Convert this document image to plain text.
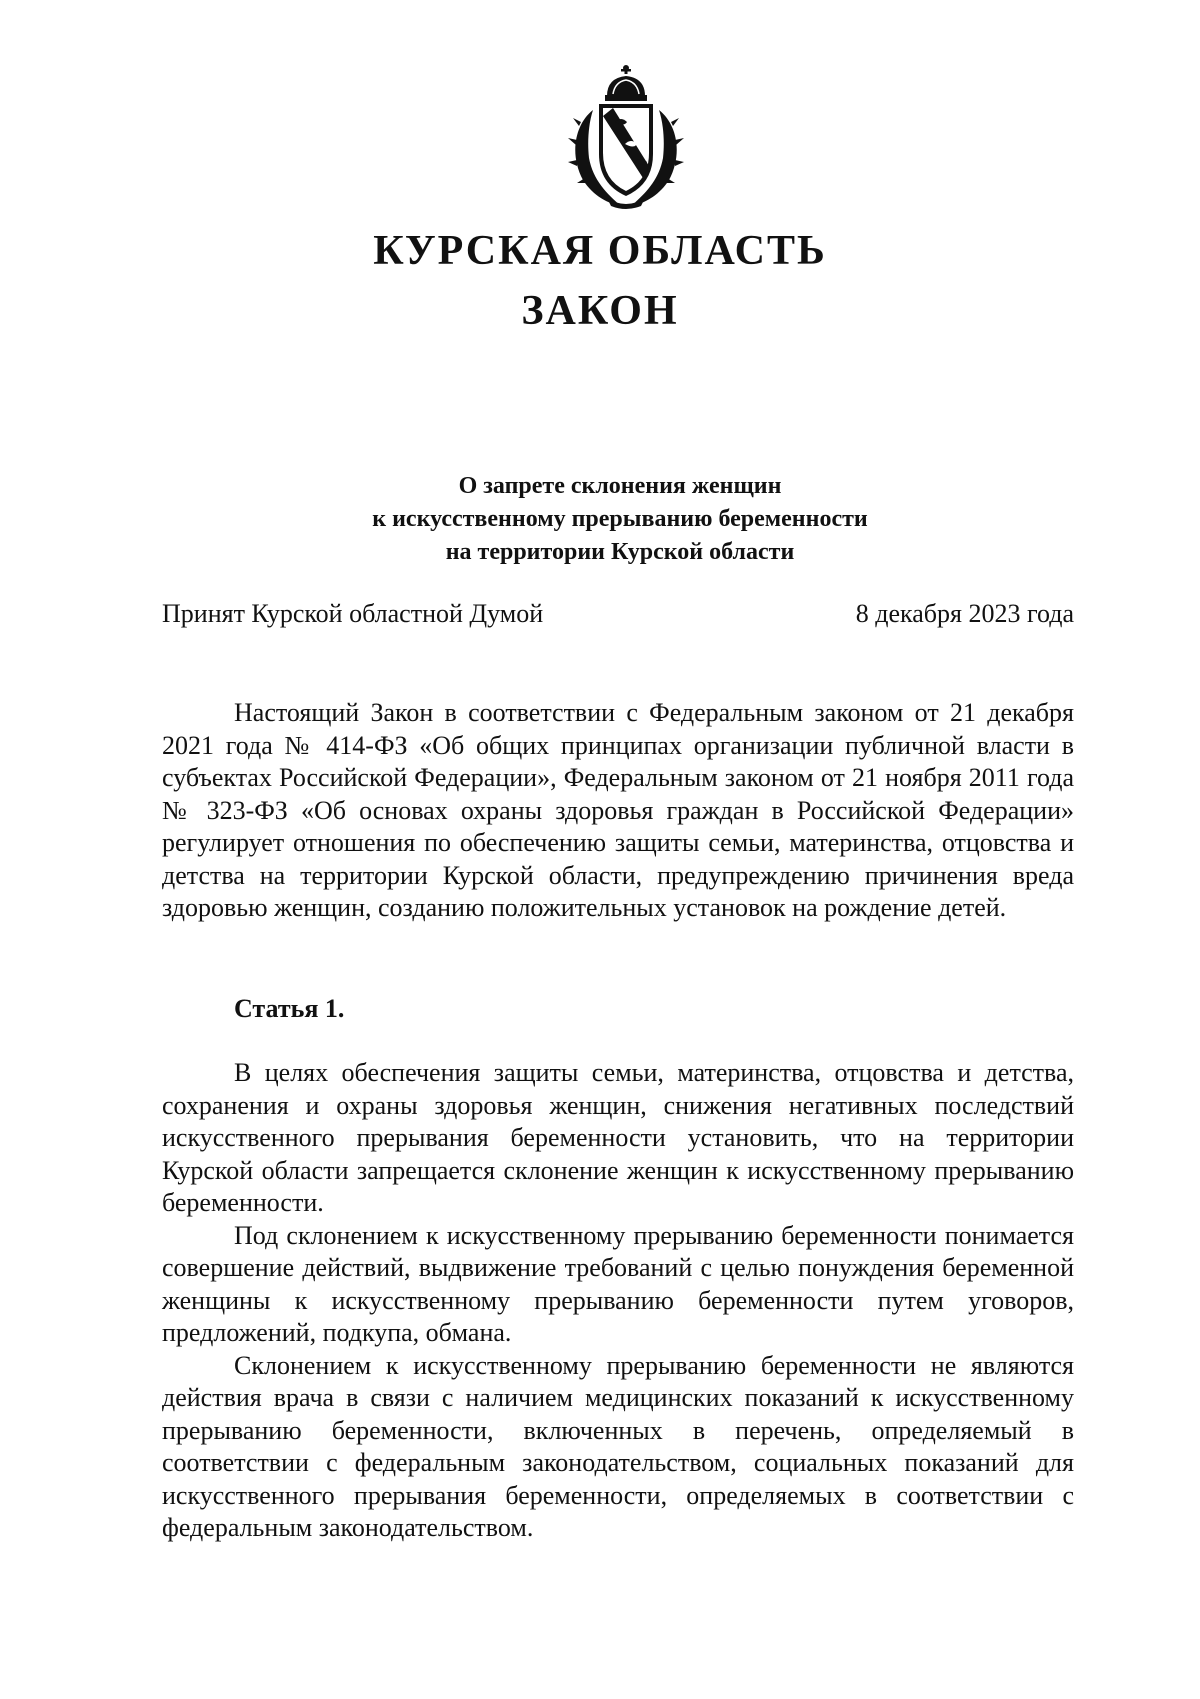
КУРСКАЯ ОБЛАСТЬ
ЗАКОН
О запрете склонения женщин
к искусственному прерыванию беременности
на территории Курской области
Принят Курской областной Думой	8 декабря 2023 года

Настоящий Закон в соответствии с Федеральным законом от 21 декабря 2021 года № 414-ФЗ «Об общих принципах организации публичной власти в субъектах Российской Федерации», Федеральным законом от 21 ноября 2011 года № 323-ФЗ «Об основах охраны здоровья граждан в Российской Федерации» регулирует отношения по обеспечению защиты семьи, материнства, отцовства и детства на территории Курской области, предупреждению причинения вреда здоровью женщин, созданию положительных установок на рождение детей.

Статья 1.

В целях обеспечения защиты семьи, материнства, отцовства и детства, сохранения и охраны здоровья женщин, снижения негативных последствий искусственного прерывания беременности установить, что на территории Курской области запрещается склонение женщин к искусственному прерыванию беременности.

Под склонением к искусственному прерыванию беременности понимается совершение действий, выдвижение требований с целью понуждения беременной женщины к искусственному прерыванию беременности путем уговоров, предложений, подкупа, обмана.

Склонением к искусственному прерыванию беременности не являются действия врача в связи с наличием медицинских показаний к искусственному прерыванию беременности, включенных в перечень, определяемый в соответствии с федеральным законодательством, социальных показаний для искусственного прерывания беременности, определяемых в соответствии с федеральным законодательством.
